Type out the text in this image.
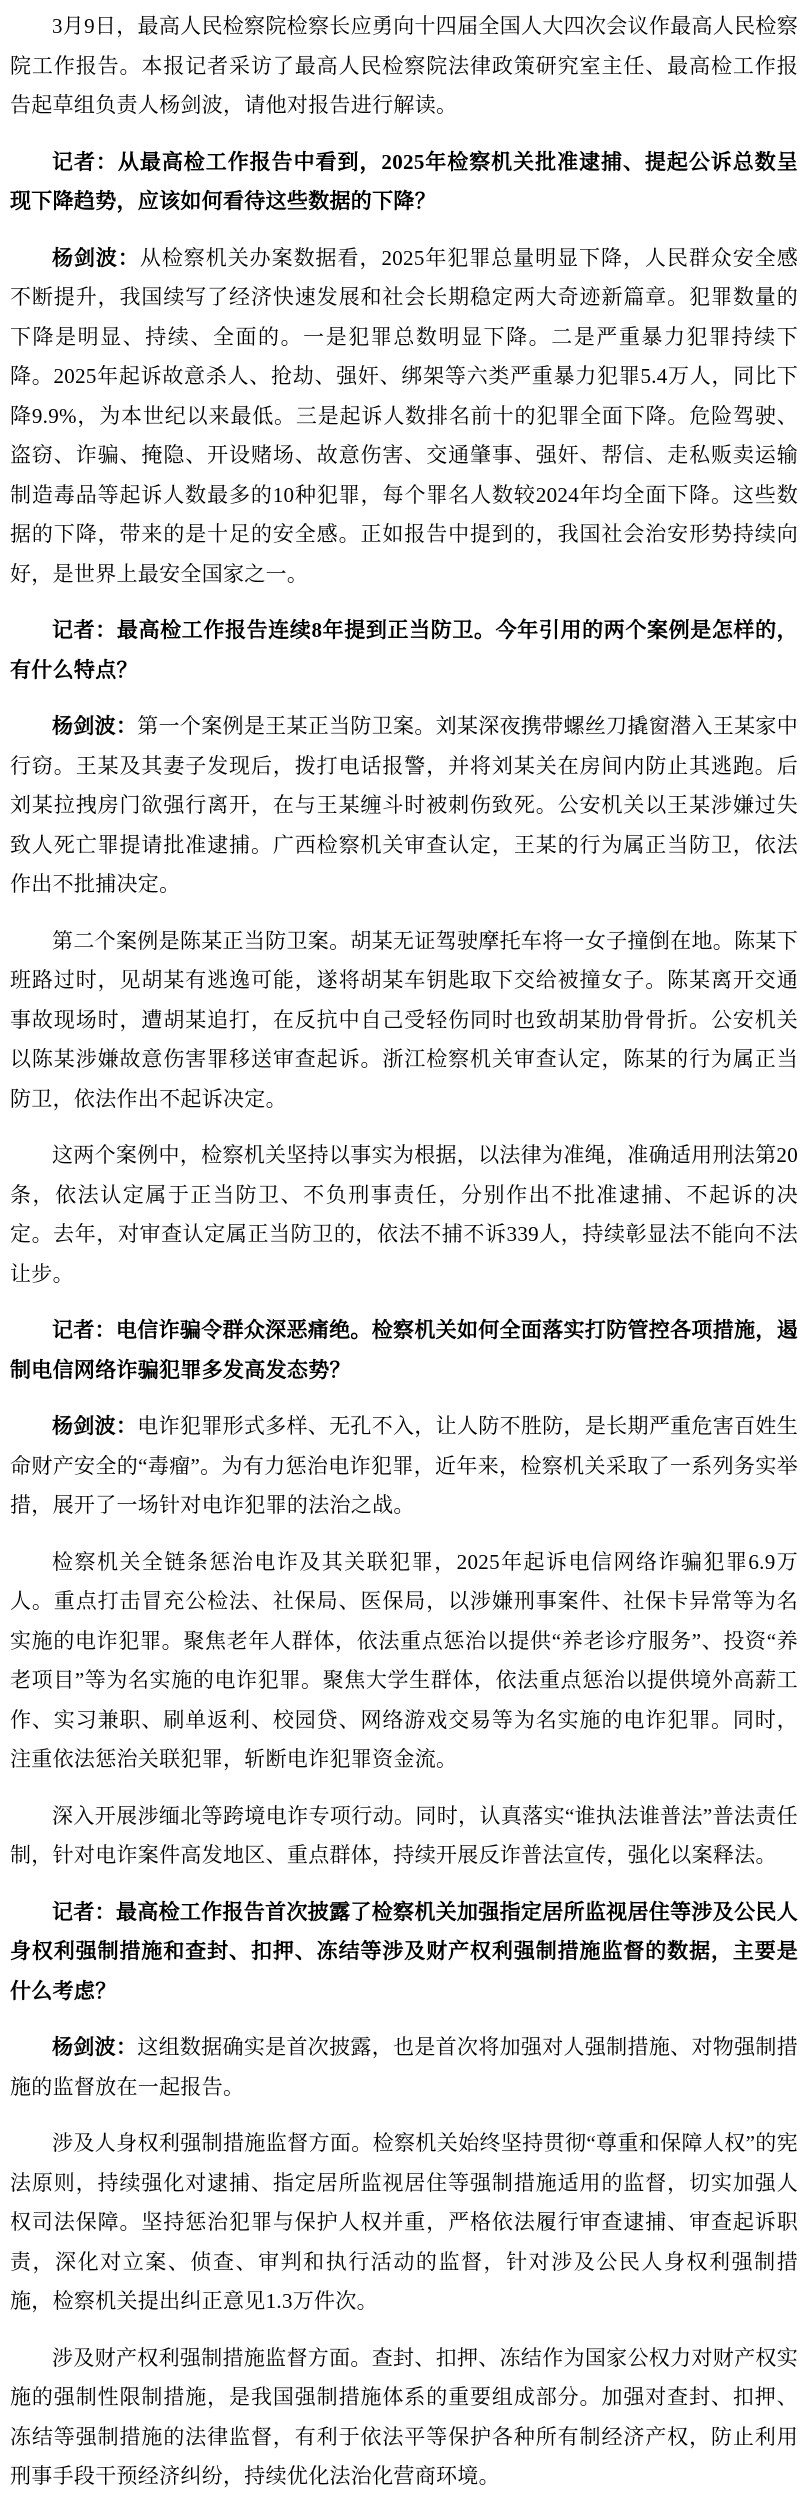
3月9日，最高人民检察院检察长应勇向十四届全国人大四次会议作最高人民检察院工作报告。本报记者采访了最高人民检察院法律政策研究室主任、最高检工作报告起草组负责人杨剑波，请他对报告进行解读。

记者：从最高检工作报告中看到，2025年检察机关批准逮捕、提起公诉总数呈现下降趋势，应该如何看待这些数据的下降？

杨剑波：从检察机关办案数据看，2025年犯罪总量明显下降，人民群众安全感不断提升，我国续写了经济快速发展和社会长期稳定两大奇迹新篇章。犯罪数量的下降是明显、持续、全面的。一是犯罪总数明显下降。二是严重暴力犯罪持续下降。2025年起诉故意杀人、抢劫、强奸、绑架等六类严重暴力犯罪5.4万人，同比下降9.9%，为本世纪以来最低。三是起诉人数排名前十的犯罪全面下降。危险驾驶、盗窃、诈骗、掩隐、开设赌场、故意伤害、交通肇事、强奸、帮信、走私贩卖运输制造毒品等起诉人数最多的10种犯罪，每个罪名人数较2024年均全面下降。这些数据的下降，带来的是十足的安全感。正如报告中提到的，我国社会治安形势持续向好，是世界上最安全国家之一。

记者：最高检工作报告连续8年提到正当防卫。今年引用的两个案例是怎样的，有什么特点？

杨剑波：第一个案例是王某正当防卫案。刘某深夜携带螺丝刀撬窗潜入王某家中行窃。王某及其妻子发现后，拨打电话报警，并将刘某关在房间内防止其逃跑。后刘某拉拽房门欲强行离开，在与王某缠斗时被刺伤致死。公安机关以王某涉嫌过失致人死亡罪提请批准逮捕。广西检察机关审查认定，王某的行为属正当防卫，依法作出不批捕决定。

第二个案例是陈某正当防卫案。胡某无证驾驶摩托车将一女子撞倒在地。陈某下班路过时，见胡某有逃逸可能，遂将胡某车钥匙取下交给被撞女子。陈某离开交通事故现场时，遭胡某追打，在反抗中自己受轻伤同时也致胡某肋骨骨折。公安机关以陈某涉嫌故意伤害罪移送审查起诉。浙江检察机关审查认定，陈某的行为属正当防卫，依法作出不起诉决定。

这两个案例中，检察机关坚持以事实为根据，以法律为准绳，准确适用刑法第20条，依法认定属于正当防卫、不负刑事责任，分别作出不批准逮捕、不起诉的决定。去年，对审查认定属正当防卫的，依法不捕不诉339人，持续彰显法不能向不法让步。

记者：电信诈骗令群众深恶痛绝。检察机关如何全面落实打防管控各项措施，遏制电信网络诈骗犯罪多发高发态势？

杨剑波：电诈犯罪形式多样、无孔不入，让人防不胜防，是长期严重危害百姓生命财产安全的“毒瘤”。为有力惩治电诈犯罪，近年来，检察机关采取了一系列务实举措，展开了一场针对电诈犯罪的法治之战。

检察机关全链条惩治电诈及其关联犯罪，2025年起诉电信网络诈骗犯罪6.9万人。重点打击冒充公检法、社保局、医保局，以涉嫌刑事案件、社保卡异常等为名实施的电诈犯罪。聚焦老年人群体，依法重点惩治以提供“养老诊疗服务”、投资“养老项目”等为名实施的电诈犯罪。聚焦大学生群体，依法重点惩治以提供境外高薪工作、实习兼职、刷单返利、校园贷、网络游戏交易等为名实施的电诈犯罪。同时，注重依法惩治关联犯罪，斩断电诈犯罪资金流。

深入开展涉缅北等跨境电诈专项行动。同时，认真落实“谁执法谁普法”普法责任制，针对电诈案件高发地区、重点群体，持续开展反诈普法宣传，强化以案释法。

记者：最高检工作报告首次披露了检察机关加强指定居所监视居住等涉及公民人身权利强制措施和查封、扣押、冻结等涉及财产权利强制措施监督的数据，主要是什么考虑？

杨剑波：这组数据确实是首次披露，也是首次将加强对人强制措施、对物强制措施的监督放在一起报告。

涉及人身权利强制措施监督方面。检察机关始终坚持贯彻“尊重和保障人权”的宪法原则，持续强化对逮捕、指定居所监视居住等强制措施适用的监督，切实加强人权司法保障。坚持惩治犯罪与保护人权并重，严格依法履行审查逮捕、审查起诉职责，深化对立案、侦查、审判和执行活动的监督，针对涉及公民人身权利强制措施，检察机关提出纠正意见1.3万件次。

涉及财产权利强制措施监督方面。查封、扣押、冻结作为国家公权力对财产权实施的强制性限制措施，是我国强制措施体系的重要组成部分。加强对查封、扣押、冻结等强制措施的法律监督，有利于依法平等保护各种所有制经济产权，防止利用刑事手段干预经济纠纷，持续优化法治化营商环境。
